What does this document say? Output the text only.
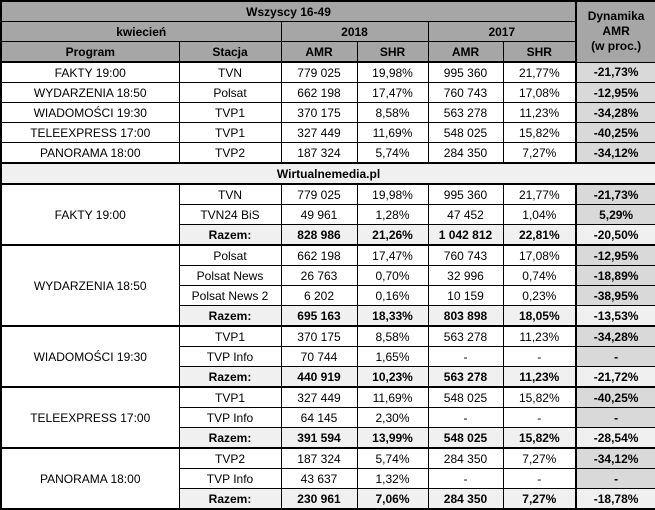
Wszyscy 16-49						Dynamika
AMR
(w proc.)

kwiecień		2018		2017		
Program	Stacja	AMR	SHR	AMR	SHR	
FAKTY 19:00	TVN	779 025	19,98%	995 360	21,77%	-21,73%
WYDARZENIA 18:50	Polsat	662 198	17,47%	760 743	17,08%	-12,95%
WIADOMOŚCI 19:30	TVP1	370 175	8,58%	563 278	11,23%	-34,28%
TELEEXPRESS 17:00	TVP1	327 449	11,69%	548 025	15,82%	-40,25%
PANORAMA 18:00	TVP2	187 324	5,74%	284 350	7,27%	-34,12%
Wirtualnemedia.pl						
FAKTY 19:00	TVN	779 025	19,98%	995 360	21,77%	-21,73%
	TVN24 BiS	49 961	1,28%	47 452	1,04%	5,29%
	Razem:	828 986	21,26%	1 042 812	22,81%	-20,50%
WYDARZENIA 18:50	Polsat	662 198	17,47%	760 743	17,08%	-12,95%
	Polsat News	26 763	0,70%	32 996	0,74%	-18,89%
	Polsat News 2	6 202	0,16%	10 159	0,23%	-38,95%
	Razem:	695 163	18,33%	803 898	18,05%	-13,53%
WIADOMOŚCI 19:30	TVP1	370 175	8,58%	563 278	11,23%	-34,28%
	TVP Info	70 744	1,65%	-	-	-
	Razem:	440 919	10,23%	563 278	11,23%	-21,72%
TELEEXPRESS 17:00	TVP1	327 449	11,69%	548 025	15,82%	-40,25%
	TVP Info	64 145	2,30%	-	-	-
	Razem:	391 594	13,99%	548 025	15,82%	-28,54%
PANORAMA 18:00	TVP2	187 324	5,74%	284 350	7,27%	-34,12%
	TVP Info	43 637	1,32%	-	-	-
	Razem:	230 961	7,06%	284 350	7,27%	-18,78%
